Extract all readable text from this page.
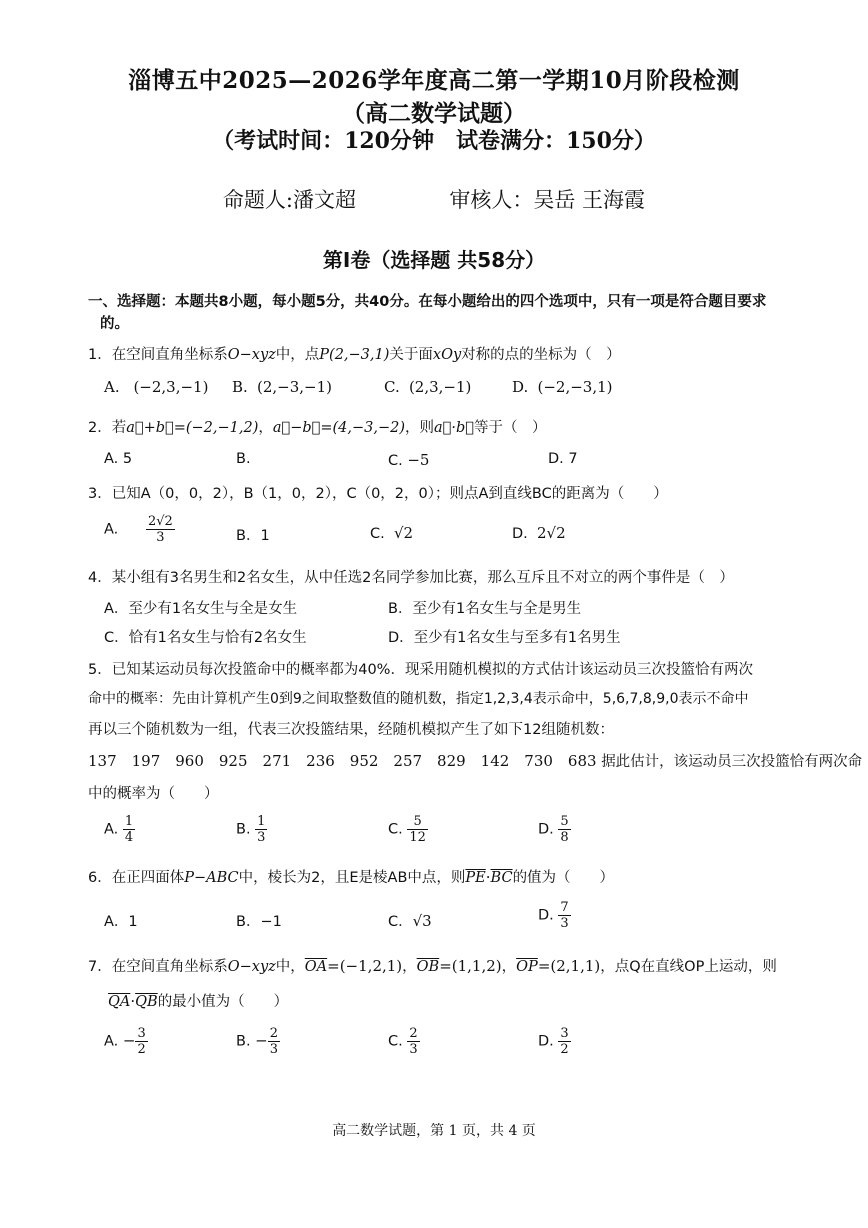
淄博五中2025—2026学年度高二第一学期10月阶段检测
（高二数学试题）
（考试时间：120分钟　试卷满分：150分）
命题人:潘文超	审核人：吴岳 王海霞
第Ⅰ卷（选择题 共58分）
一、选择题：本题共8小题，每小题5分，共40分。在每小题给出的四个选项中，只有一项是符合题目要求
的。
1．在空间直角坐标系O−xyz中，点P(2,−3,1)关于面xOy对称的点的坐标为（　）
A. (−2,3,−1) B. (2,−3,−1)	C. (2,3,−1)	D. (−2,−3,1)
2．若a⃗+b⃗=(−2,−1,2)，a⃗−b⃗=(4,−3,−2)，则a⃗·b⃗等于（　）
A. 5	B.	C. −5	D. 7
3．已知A（0，0，2），B（1，0，2），C（0，2，0）；则点A到直线BC的距离为（　　）
A. $\frac{2√2}{3}$	B．1	C. √2	D. 2√2
4．某小组有3名男生和2名女生，从中任选2名同学参加比赛，那么互斥且不对立的两个事件是（　）
A．至少有1名女生与全是女生	B．至少有1名女生与全是男生
C．恰有1名女生与恰有2名女生	D．至少有1名女生与至多有1名男生
5．已知某运动员每次投篮命中的概率都为40%．现采用随机模拟的方式估计该运动员三次投篮恰有两次
命中的概率：先由计算机产生0到9之间取整数值的随机数，指定1,2,3,4表示命中，5,6,7,8,9,0表示不命中
再以三个随机数为一组，代表三次投篮结果，经随机模拟产生了如下12组随机数：
137　197　960　925　271　236　952　257　829　142　730　683 据此估计，该运动员三次投篮恰有两次命
中的概率为（　　）
A. $\frac{1}{4}$	B. $\frac{1}{3}$	C. $\frac{5}{12}$	D. $\frac{5}{8}$
6．在正四面体P−ABC中，棱长为2，且E是棱AB中点，则$\overline{PE}\cdot\overline{BC}$的值为（　　）
A．1	B．−1	C．√3	D. $\frac{7}{3}$
7．在空间直角坐标系O−xyz中，$\overline{OA}=(-1,2,1)$，$\overline{OB}=(1,1,2)$，$\overline{OP}=(2,1,1)$，点Q在直线OP上运动，则
$\overline{QA}\cdot\overline{QB}$的最小值为（　　）
A. − $\frac{3}{2}$	B. − $\frac{2}{3}$	C. $\frac{2}{3}$	D. $\frac{3}{2}$
高二数学试题，第 1 页，共 4 页
